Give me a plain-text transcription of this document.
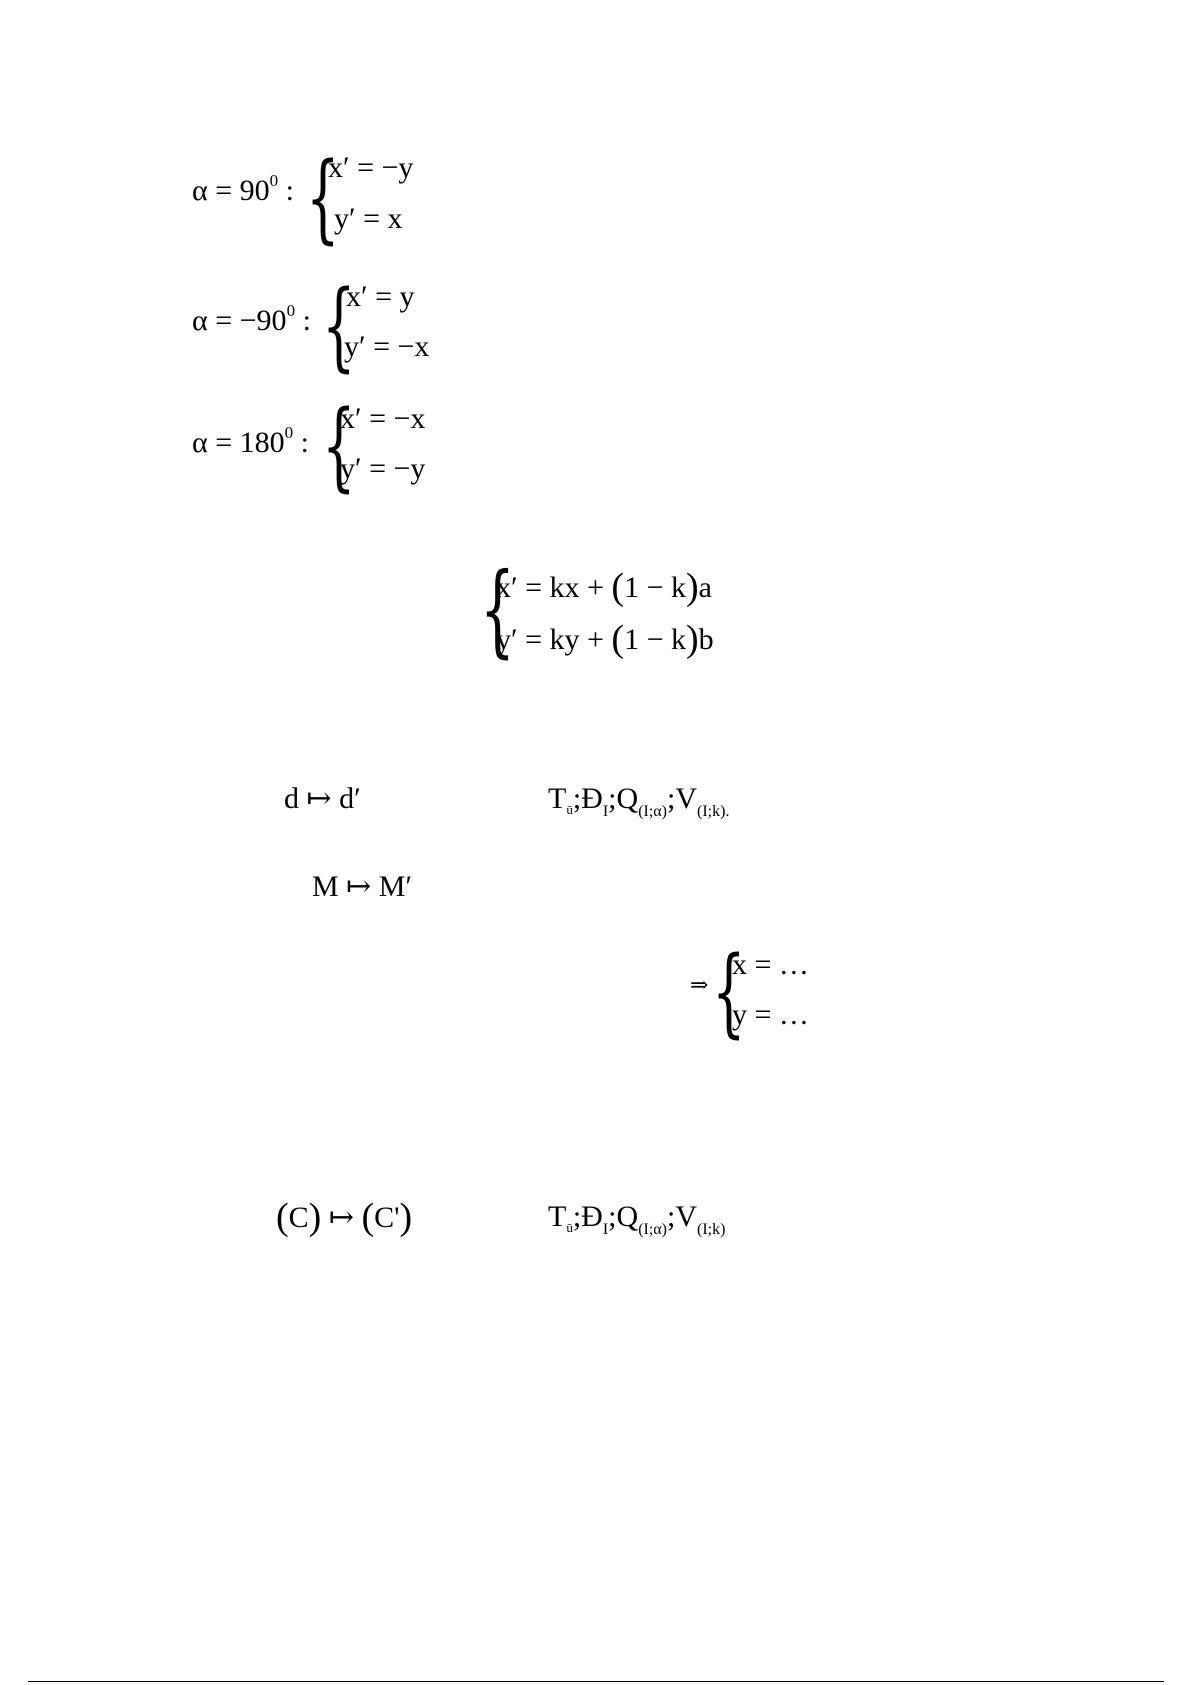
$\alpha = 90^0$ : {
x′ = −y
y′ = x
$\alpha = -90^0$ : {
x′ = y
y′ = −x
$\alpha = 180^0$ : {
x′ = −x
y′ = −y
{
x′ = kx + (1 − k)a
y′ = ky + (1 − k)b
d ↦ d′	$T_ū;Đ_I;Q_{(I;\alpha)};V_{(I;k).}$
M ↦ M′
⇒ {
x = …
y = …
(C) ↦ (C')	$T_ū;Đ_I;Q_{(I;\alpha)};V_{(I;k)}$
